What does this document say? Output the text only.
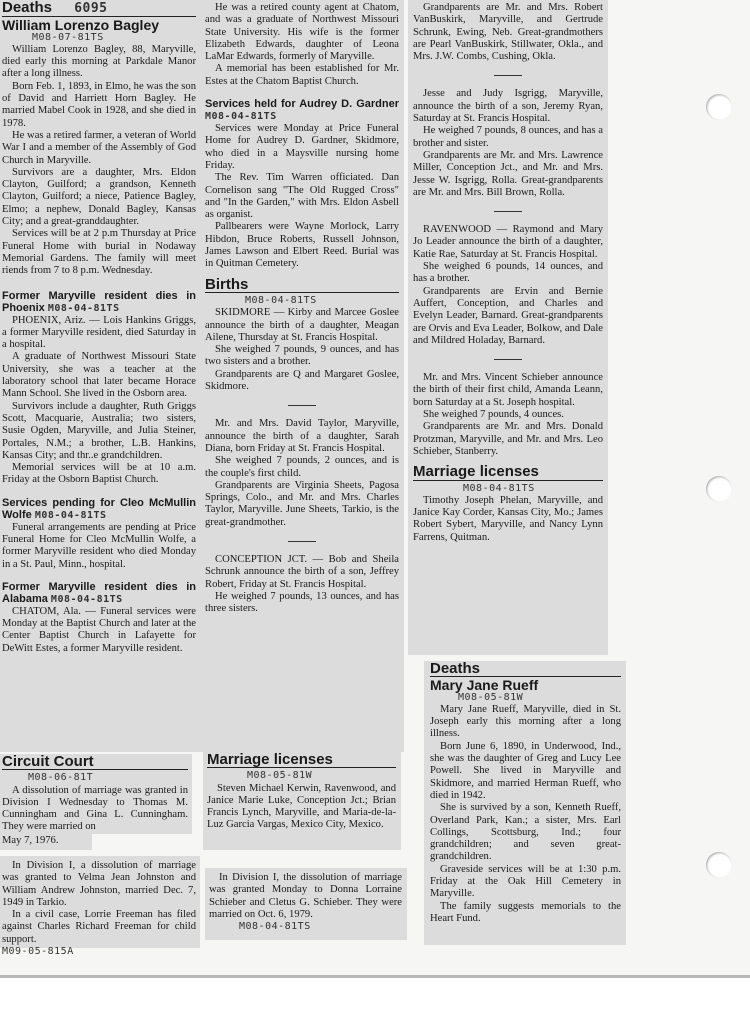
Deaths 6095
William Lorenzo Bagley
M08-07-81TS

William Lorenzo Bagley, 88, Maryville, died early this morning at Parkdale Manor after a long illness.

Born Feb. 1, 1893, in Elmo, he was the son of David and Harriett Horn Bagley. He married Mabel Cook in 1928, and she died in 1978.

He was a retired farmer, a veteran of World War I and a member of the Assembly of God Church in Maryville.

Survivors are a daughter, Mrs. Eldon Clayton, Guilford; a grandson, Kenneth Clayton, Guilford; a niece, Patience Bagley, Elmo; a nephew, Donald Bagley, Kansas City; and a great-granddaughter.

Services will be at 2 p.m Thursday at Price Funeral Home with burial in Nodaway Memorial Gardens. The family will meet riends from 7 to 8 p.m. Wednesday.

Former Maryville resident dies in Phoenix M08-04-81TS

PHOENIX, Ariz. — Lois Hankins Griggs, a former Maryville resident, died Saturday in a hospital.

A graduate of Northwest Missouri State University, she was a teacher at the laboratory school that later became Horace Mann School. She lived in the Osborn area.

Survivors include a daughter, Ruth Griggs Scott, Macquarie, Australia; two sisters, Susie Ogden, Maryville, and Julia Steiner, Portales, N.M.; a brother, L.B. Hankins, Kansas City; and thr..e grandchildren.

Memorial services will be at 10 a.m. Friday at the Osborn Baptist Church.

Services pending for Cleo McMullin Wolfe M08-04-81TS

Funeral arrangements are pending at Price Funeral Home for Cleo McMullin Wolfe, a former Maryville resident who died Monday in a St. Paul, Minn., hospital.

Former Maryville resident dies in Alabama M08-04-81TS

CHATOM, Ala. — Funeral services were Monday at the Baptist Church and later at the Center Baptist Church in Lafayette for DeWitt Estes, a former Maryville resident.

He was a retired county agent at Chatom, and was a graduate of Northwest Missouri State University. His wife is the former Elizabeth Edwards, daughter of Leona LaMar Edwards, formerly of Maryville.

A memorial has been established for Mr. Estes at the Chatom Baptist Church.

Services held for Audrey D. Gardner M08-04-81TS

Services were Monday at Price Funeral Home for Audrey D. Gardner, Skidmore, who died in a Maysville nursing home Friday.

The Rev. Tim Warren officiated. Dan Cornelison sang "The Old Rugged Cross" and "In the Garden," with Mrs. Eldon Asbell as organist.

Pallbearers were Wayne Morlock, Larry Hibdon, Bruce Roberts, Russell Johnson, James Lawson and Elbert Reed. Burial was in Quitman Cemetery.

Births
M08-04-81TS

SKIDMORE — Kirby and Marcee Goslee announce the birth of a daughter, Meagan Ailene, Thursday at St. Francis Hospital.

She weighed 7 pounds, 9 ounces, and has two sisters and a brother.

Grandparents are Q and Margaret Goslee, Skidmore.

Mr. and Mrs. David Taylor, Maryville, announce the birth of a daughter, Sarah Diana, born Friday at St. Francis Hospital.

She weighed 7 pounds, 2 ounces, and is the couple's first child.

Grandparents are Virginia Sheets, Pagosa Springs, Colo., and Mr. and Mrs. Charles Taylor, Maryville. June Sheets, Tarkio, is the great-grandmother.

CONCEPTION JCT. — Bob and Sheila Schrunk announce the birth of a son, Jeffrey Robert, Friday at St. Francis Hospital.

He weighed 7 pounds, 13 ounces, and has three sisters.

Grandparents are Mr. and Mrs. Robert VanBuskirk, Maryville, and Gertrude Schrunk, Ewing, Neb. Great-grandmothers are Pearl VanBuskirk, Stillwater, Okla., and Mrs. J.W. Combs, Cushing, Okla.

Jesse and Judy Isgrigg, Maryville, announce the birth of a son, Jeremy Ryan, Saturday at St. Francis Hospital.

He weighed 7 pounds, 8 ounces, and has a brother and sister.

Grandparents are Mr. and Mrs. Lawrence Miller, Conception Jct., and Mr. and Mrs. Jesse W. Isgrigg, Rolla. Great-grandparents are Mr. and Mrs. Bill Brown, Rolla.

RAVENWOOD — Raymond and Mary Jo Leader announce the birth of a daughter, Katie Rae, Saturday at St. Francis Hospital.

She weighed 6 pounds, 14 ounces, and has a brother.

Grandparents are Ervin and Bernie Auffert, Conception, and Charles and Evelyn Leader, Barnard. Great-grandparents are Orvis and Eva Leader, Bolkow, and Dale and Mildred Holaday, Barnard.

Mr. and Mrs. Vincent Schieber announce the birth of their first child, Amanda Leann, born Saturday at a St. Joseph hospital.

She weighed 7 pounds, 4 ounces.

Grandparents are Mr. and Mrs. Donald Protzman, Maryville, and Mr. and Mrs. Leo Schieber, Stanberry.

Marriage licenses
M08-04-81TS

Timothy Joseph Phelan, Maryville, and Janice Kay Corder, Kansas City, Mo.; James Robert Sybert, Maryville, and Nancy Lynn Farrens, Quitman.

Circuit Court
M08-06-81T

A dissolution of marriage was granted in Division I Wednesday to Thomas M. Cunningham and Gina L. Cunningham. They were married on

May 7, 1976.

In Division I, a dissolution of marriage was granted to Velma Jean Johnston and William Andrew Johnston, married Dec. 7, 1949 in Tarkio.

In a civil case, Lorrie Freeman has filed against Charles Richard Freeman for child support.

M09-05-815A
Marriage licenses
M08-05-81W

Steven Michael Kerwin, Ravenwood, and Janice Marie Luke, Conception Jct.; Brian Francis Lynch, Maryville, and Maria-de-la-Luz Garcia Vargas, Mexico City, Mexico.

In Division I, the dissolution of marriage was granted Monday to Donna Lorraine Schieber and Cletus G. Schieber. They were married on Oct. 6, 1979.

M08-04-81TS
Deaths
Mary Jane Rueff
M08-05-81W

Mary Jane Rueff, Maryville, died in St. Joseph early this morning after a long illness.

Born June 6, 1890, in Underwood, Ind., she was the daughter of Greg and Lucy Lee Powell. She lived in Maryville and Skidmore, and married Herman Rueff, who died in 1942.

She is survived by a son, Kenneth Rueff, Overland Park, Kan.; a sister, Mrs. Earl Collings, Scottsburg, Ind.; four grandchildren; and seven great-grandchildren.

Graveside services will be at 1:30 p.m. Friday at the Oak Hill Cemetery in Maryville.

The family suggests memorials to the Heart Fund.
